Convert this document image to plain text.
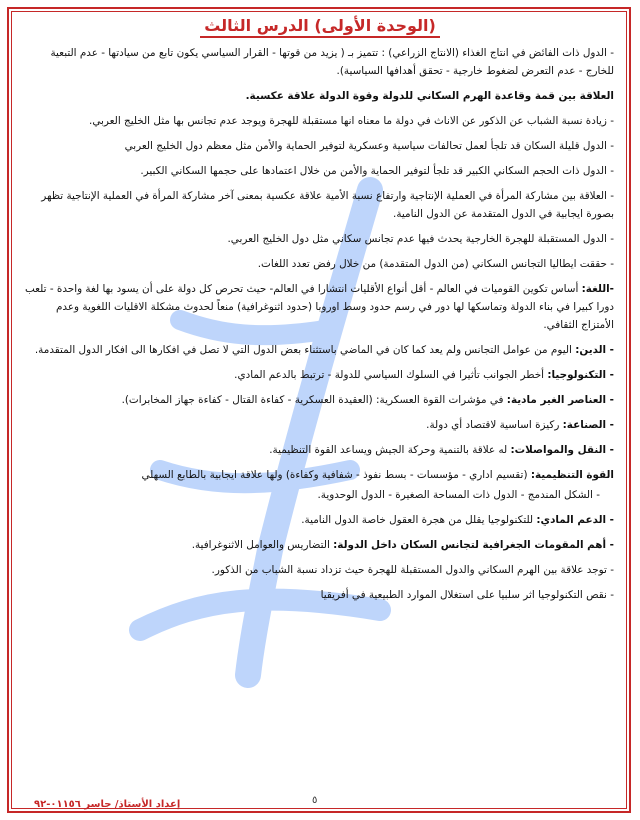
(الوحدة الأولى) الدرس الثالث
- الدول ذات الفائض في انتاج الغذاء (الانتاج الزراعي) : تتميز بـ ( يزيد من قوتها - القرار السياسي يكون تابع من سيادتها - عدم التبعية للخارج - عدم التعرض لضغوط خارجية - تحقق أهدافها السياسية).
العلاقة بين قمة وقاعدة الهرم السكاني للدولة وقوة الدولة علاقة عكسية.
- زيادة نسبة الشباب عن الذكور عن الاناث في دولة ما معناه انها مستقبلة للهجرة ويوجد عدم تجانس بها مثل الخليج العربي.
- الدول قليلة السكان قد تلجأ لعمل تحالفات سياسية وعسكرية لتوفير الحماية والأمن مثل معظم دول الخليج العربي
- الدول ذات الحجم السكاني الكبير قد تلجأ لتوفير الحماية والأمن من خلال اعتمادها على حجمها السكاني الكبير.
- العلاقة بين مشاركة المرأة في العملية الإنتاجية وارتفاع نسبة الأمية علاقة عكسية بمعنى آخر مشاركة المرأة في العملية الإنتاجية تظهر بصورة ايجابية في الدول المتقدمة عن الدول النامية.
- الدول المستقبلة للهجرة الخارجية يحدث فيها عدم تجانس سكاني مثل دول الخليج العربي.
- حققت ايطاليا التجانس السكاني (من الدول المتقدمة) من خلال رفض تعدد اللغات.
-اللغة: أساس تكوين القوميات في العالم - أقل أنواع الأقليات انتشارا في العالم- حيث تحرص كل دولة على أن يسود بها لغة واحدة - تلعب دورا كبيرا في بناء الدولة وتماسكها لها دور في رسم حدود وسط اوروبا (حدود اثنوغرافية) منعاً لحدوث مشكلة الاقليات اللغوية وعدم الأمتزاج الثقافي.
- الدين: اليوم من عوامل التجانس ولم يعد كما كان في الماضي باستثناء بعض الدول التي لا تصل في افكارها الى افكار الدول المتقدمة.
- التكنولوجيا: أخطر الجوانب تأثيرا في السلوك السياسي للدولة - ترتبط بالدعم المادي.
- العناصر الغير مادية: في مؤشرات القوة العسكرية: (العقيدة العسكرية - كفاءة القتال - كفاءة جهاز المخابرات).
- الصناعة: ركيزة اساسية لاقتصاد أي دولة.
- النقل والمواصلات: له علاقة بالتنمية وحركة الجيش ويساعد القوة التنظيمية.
القوة التنظيمية: (تقسيم اداري - مؤسسات - بسط نفوذ - شفافية وكفاءة) ولها علاقة ايجابية بالطابع السهلي
- الشكل المندمج - الدول ذات المساحة الصغيرة - الدول الوحدوية.
- الدعم المادي: للتكنولوجيا يقلل من هجرة العقول خاصة الدول النامية.
- أهم المقومات الجغرافية لتجانس السكان داخل الدولة: التضاريس والعوامل الاثنوغرافية.
- توجد علاقة بين الهرم السكاني والدول المستقبلة للهجرة حيث تزداد نسبة الشباب من الذكور.
- نقص التكنولوجيا اثر سلبيا على استغلال الموارد الطبيعية في أفريقيا
٥
إعداد الأستاذ/ جاسر ٠١١٥٦-٩٢
